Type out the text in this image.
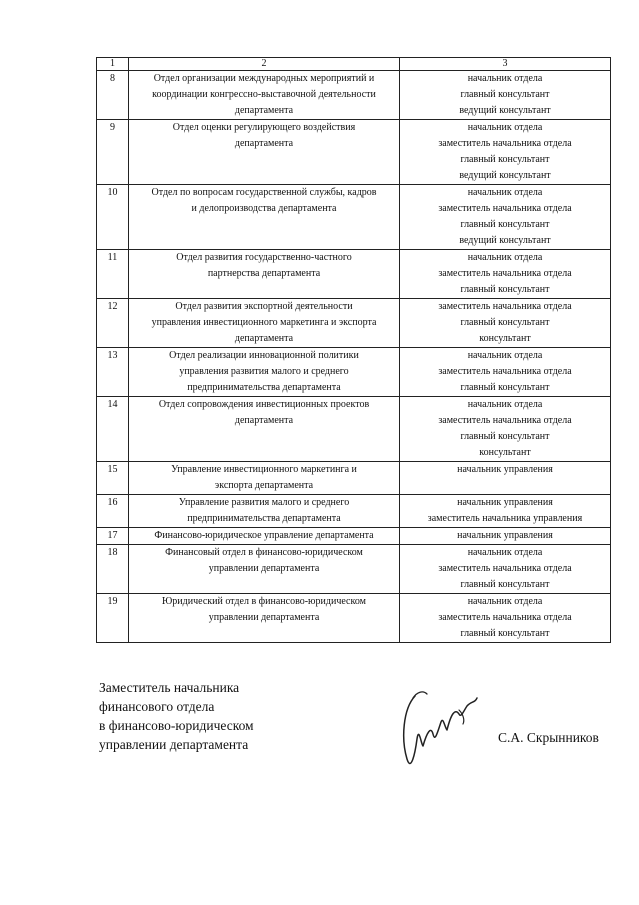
1	2	3
8	Отдел организации международных мероприятий и
координации конгрессно-выставочной деятельности
департамента	начальник отдела
главный консультант
ведущий консультант

9	Отдел оценки регулирующего воздействия
департамента	начальник отдела
заместитель начальника отдела
главный консультант
ведущий консультант

10	Отдел по вопросам государственной службы, кадров
и делопроизводства департамента	начальник отдела
заместитель начальника отдела
главный консультант
ведущий консультант

11	Отдел развития государственно-частного
партнерства департамента	начальник отдела
заместитель начальника отдела
главный консультант

12	Отдел развития экспортной деятельности
управления инвестиционного маркетинга и экспорта
департамента	заместитель начальника отдела
главный консультант
консультант

13	Отдел реализации инновационной политики
управления развития малого и среднего
предпринимательства департамента	начальник отдела
заместитель начальника отдела
главный консультант

14	Отдел сопровождения инвестиционных проектов
департамента	начальник отдела
заместитель начальника отдела
главный консультант
консультант

15	Управление инвестиционного маркетинга и
экспорта департамента	начальник управления

16	Управление развития малого и среднего
предпринимательства департамента	начальник управления
заместитель начальника управления

17	Финансово-юридическое управление департамента	начальник управления

18	Финансовый отдел в финансово-юридическом
управлении департамента	начальник отдела
заместитель начальника отдела
главный консультант

19	Юридический отдел в финансово-юридическом
управлении департамента	начальник отдела
заместитель начальника отдела
главный консультант
Заместитель начальника
финансового отдела
в финансово-юридическом
управлении департамента	С.А. Скрынников
